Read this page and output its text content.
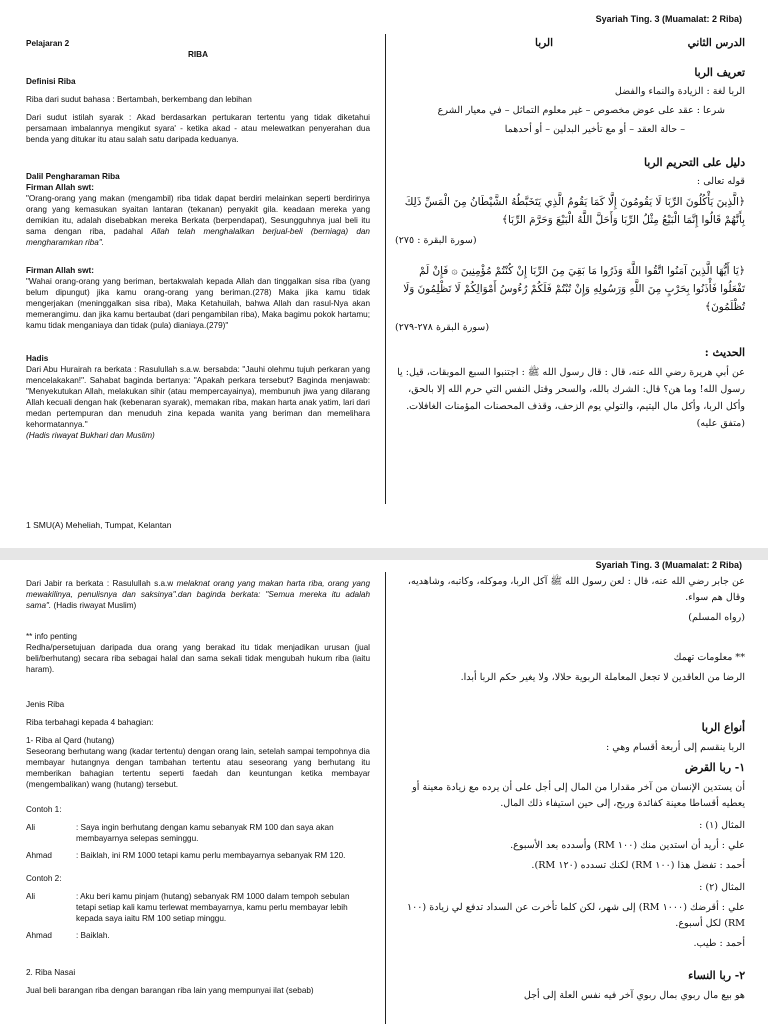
Syariah Ting. 3 (Muamalat: 2 Riba)
Pelajaran 2
RIBA

Definisi Riba

Riba dari sudut bahasa : Bertambah, berkembang dan lebihan

Dari sudut istilah syarak : Akad berdasarkan pertukaran tertentu yang tidak diketahui persamaan imbalannya mengikut syara' - ketika akad - atau melewatkan penyerahan dua benda yang ditukar itu atau salah satu daripada keduanya.

Dalil Pengharaman Riba
Firman Allah swt:

"Orang-orang yang makan (mengambil) riba tidak dapat berdiri melainkan seperti berdirinya orang yang kemasukan syaitan lantaran (tekanan) penyakit gila. keadaan mereka yang demikian itu, adalah disebabkan mereka Berkata (berpendapat), Sesungguhnya jual beli itu sama dengan riba, padahal Allah telah menghalalkan berjual-beli (berniaga) dan mengharamkan riba".

Firman Allah swt:

"Wahai orang-orang yang beriman, bertakwalah kepada Allah dan tinggalkan sisa riba (yang belum dipungut) jika kamu orang-orang yang beriman.(278) Maka jika kamu tidak mengerjakan (meninggalkan sisa riba), Maka Ketahuilah, bahwa Allah dan rasul-Nya akan memerangimu. dan jika kamu bertaubat (dari pengambilan riba), Maka bagimu pokok hartamu; kamu tidak menganiaya dan tidak (pula) dianiaya.(279)"

Hadis
Dari Abu Hurairah ra berkata : Rasulullah s.a.w. bersabda: "Jauhi olehmu tujuh perkaran yang mencelakakan!". Sahabat baginda bertanya: "Apakah perkara tersebut? Baginda menjawab: "Menyekutukan Allah, melakukan sihir (atau mempercayainya), membunuh jiwa yang dilarang Allah kecuali dengan hak (kebenaran syarak), memakan riba, makan harta anak yatim, lari dari medan pertempuran dan menuduh zina kepada wanita yang beriman dan memelihara kehormatannya."
(Hadis riwayat Bukhari dan Muslim)
الدرس الثاني
الربا
تعريف الربا
الربا لغة : الزيادة والنماء والفضل
شرعا : عقد على عوض مخصوص – غير معلوم التماثل – في معيار الشرع
– حالة العقد – أو مع تأخير البدلين – أو أحدهما
دليل على التحريم الربا
قوله تعالى :
﴿الَّذِينَ يَأْكُلُونَ الرِّبَا لَا يَقُومُونَ إِلَّا كَمَا يَقُومُ الَّذِي يَتَخَبَّطُهُ الشَّيْطَانُ مِنَ الْمَسِّ ذَلِكَ بِأَنَّهُمْ قَالُوا إِنَّمَا الْبَيْعُ مِثْلُ الرِّبَا وَأَحَلَّ اللَّهُ الْبَيْعَ وَحَرَّمَ الرِّبَا﴾
(سورة البقرة : ٢٧٥)
﴿يَا أَيُّهَا الَّذِينَ آمَنُوا اتَّقُوا اللَّهَ وَذَرُوا مَا بَقِيَ مِنَ الرِّبَا إِنْ كُنْتُمْ مُؤْمِنِينَ ۞ فَإِنْ لَمْ تَفْعَلُوا فَأْذَنُوا بِحَرْبٍ مِنَ اللَّهِ وَرَسُولِهِ وَإِنْ تُبْتُمْ فَلَكُمْ رُءُوسُ أَمْوَالِكُمْ لَا تَظْلِمُونَ وَلَا تُظْلَمُونَ﴾
(سورة البقرة ٢٧٨-٢٧٩)
الحديث :
عن أبي هريرة رضي الله عنه، قال : قال رسول الله ﷺ : اجتنبوا السبع الموبقات، قيل: يا رسول الله! وما هن؟ قال: الشرك بالله، والسحر وقتل النفس التي حرم الله إلا بالحق، وأكل الربا، وأكل مال اليتيم، والتولي يوم الزحف، وقذف المحصنات المؤمنات الغافلات. (متفق عليه)
1 SMU(A) Meheliah, Tumpat, Kelantan
Syariah Ting. 3 (Muamalat: 2 Riba)

Dari Jabir ra berkata : Rasulullah s.a.w melaknat orang yang makan harta riba, orang yang mewakilinya, penulisnya dan saksinya".dan baginda berkata: "Semua mereka itu adalah sama". (Hadis riwayat Muslim)

** info penting

Redha/persetujuan daripada dua orang yang berakad itu tidak menjadikan urusan (jual beli/berhutang) secara riba sebagai halal dan sama sekali tidak mengubah hukum riba (iaitu haram).

Jenis Riba

Riba terbahagi kepada 4 bahagian:

1- Riba al Qard (hutang)

Seseorang berhutang wang (kadar tertentu) dengan orang lain, setelah sampai tempohnya dia membayar hutangnya dengan tambahan tertentu atau seseorang yang berhutang itu memberikan bahagian tertentu seperti faedah dan keuntungan ketika membayar (mengembalikan) wang (hutang) tersebut.

Contoh 1:

Ali	: Saya ingin berhutang dengan kamu sebanyak RM 100 dan saya akan membayarnya selepas seminggu.
Ahmad	: Baiklah, ini RM 1000 tetapi kamu perlu membayarnya sebanyak RM 120.

Contoh 2:

Ali	: Aku beri kamu pinjam (hutang) sebanyak RM 1000 dalam tempoh sebulan tetapi setiap kali kamu terlewat membayarnya, kamu perlu membayar lebih kepada saya iaitu RM 100 setiap minggu.
Ahmad	: Baiklah.

2. Riba Nasai

Jual beli barangan riba dengan barangan riba lain yang mempunyai ilat (sebab)

عن جابر رضي الله عنه، قال : لعن رسول الله ﷺ آكل الربا، وموكله، وكاتبه، وشاهديه، وقال هم سواء.
(رواه المسلم)
** معلومات تهمك
الرضا من العاقدين لا تجعل المعاملة الربوية حلالا، ولا يغير حكم الربا أبدا.
أنواع الربا
الربا ينقسم إلى أربعة أقسام وهي :
١- ربا القرض
أن يستدين الإنسان من آخر مقدارا من المال إلى أجل على أن يرده مع زيادة معينة أو يعطيه أقساطا معينة كفائدة وربح، إلى حين استيفاء ذلك المال.
المثال (١) :
علي : أريد أن استدين منك (١٠٠ RM) وأسدده بعد الأسبوع.
أحمد : تفضل هذا (١٠٠ RM) لكنك تسدده (١٢٠ RM).
المثال (٢) :
علي : أقرضك (١٠٠٠ RM) إلى شهر، لكن كلما تأخرت عن السداد تدفع لي زيادة (١٠٠ RM) لكل أسبوع.
أحمد : طيب.
٢- ربا النساء
هو بيع مال ربوي بمال ربوي آخر فيه نفس العلة إلى أجل
